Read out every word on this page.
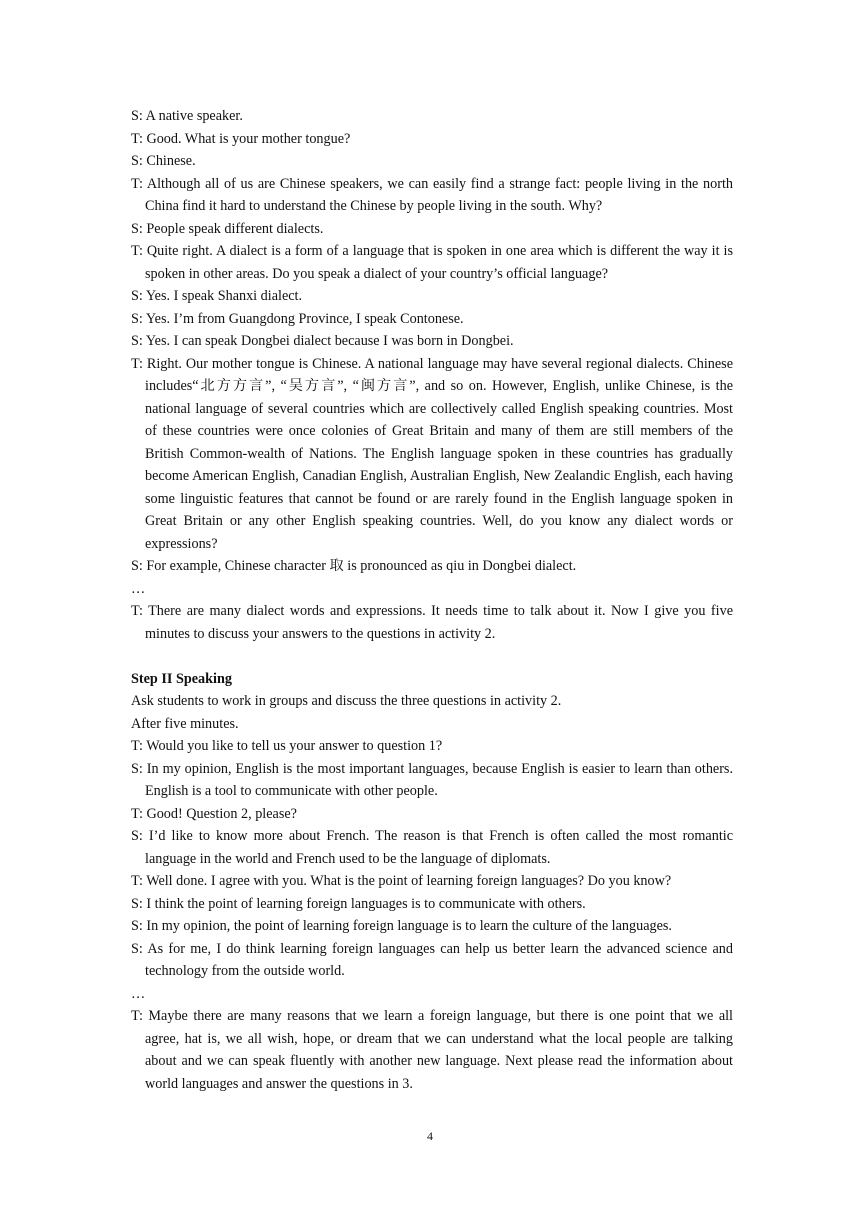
S: A native speaker.

T: Good. What is your mother tongue?

S: Chinese.

T: Although all of us are Chinese speakers, we can easily find a strange fact: people living in the north China find it hard to understand the Chinese by people living in the south. Why?

S: People speak different dialects.

T: Quite right. A dialect is a form of a language that is spoken in one area which is different the way it is spoken in other areas. Do you speak a dialect of your country’s official language?

S: Yes. I speak Shanxi dialect.

S: Yes. I’m from Guangdong Province, I speak Contonese.

S: Yes. I can speak Dongbei dialect because I was born in Dongbei.

T: Right. Our mother tongue is Chinese. A national language may have several regional dialects. Chinese includes“北方方言”, “吴方言”, “闽方言”, and so on. However, English, unlike Chinese, is the national language of several countries which are collectively called English speaking countries. Most of these countries were once colonies of Great Britain and many of them are still members of the British Common-wealth of Nations. The English language spoken in these countries has gradually become American English, Canadian English, Australian English, New Zealandic English, each having some linguistic features that cannot be found or are rarely found in the English language spoken in Great Britain or any other English speaking countries. Well, do you know any dialect words or expressions?

S: For example, Chinese character 取 is pronounced as qiu in Dongbei dialect.

…

T: There are many dialect words and expressions. It needs time to talk about it. Now I give you five minutes to discuss your answers to the questions in activity 2.

Step II Speaking

Ask students to work in groups and discuss the three questions in activity 2.

After five minutes.

T: Would you like to tell us your answer to question 1?

S: In my opinion, English is the most important languages, because English is easier to learn than others. English is a tool to communicate with other people.

T: Good! Question 2, please?

S: I’d like to know more about French. The reason is that French is often called the most romantic language in the world and French used to be the language of diplomats.

T: Well done. I agree with you. What is the point of learning foreign languages? Do you know?

S: I think the point of learning foreign languages is to communicate with others.

S: In my opinion, the point of learning foreign language is to learn the culture of the languages.

S: As for me, I do think learning foreign languages can help us better learn the advanced science and technology from the outside world.

…

T: Maybe there are many reasons that we learn a foreign language, but there is one point that we all agree, hat is, we all wish, hope, or dream that we can understand what the local people are talking about and we can speak fluently with another new language. Next please read the information about world languages and answer the questions in 3.

4
